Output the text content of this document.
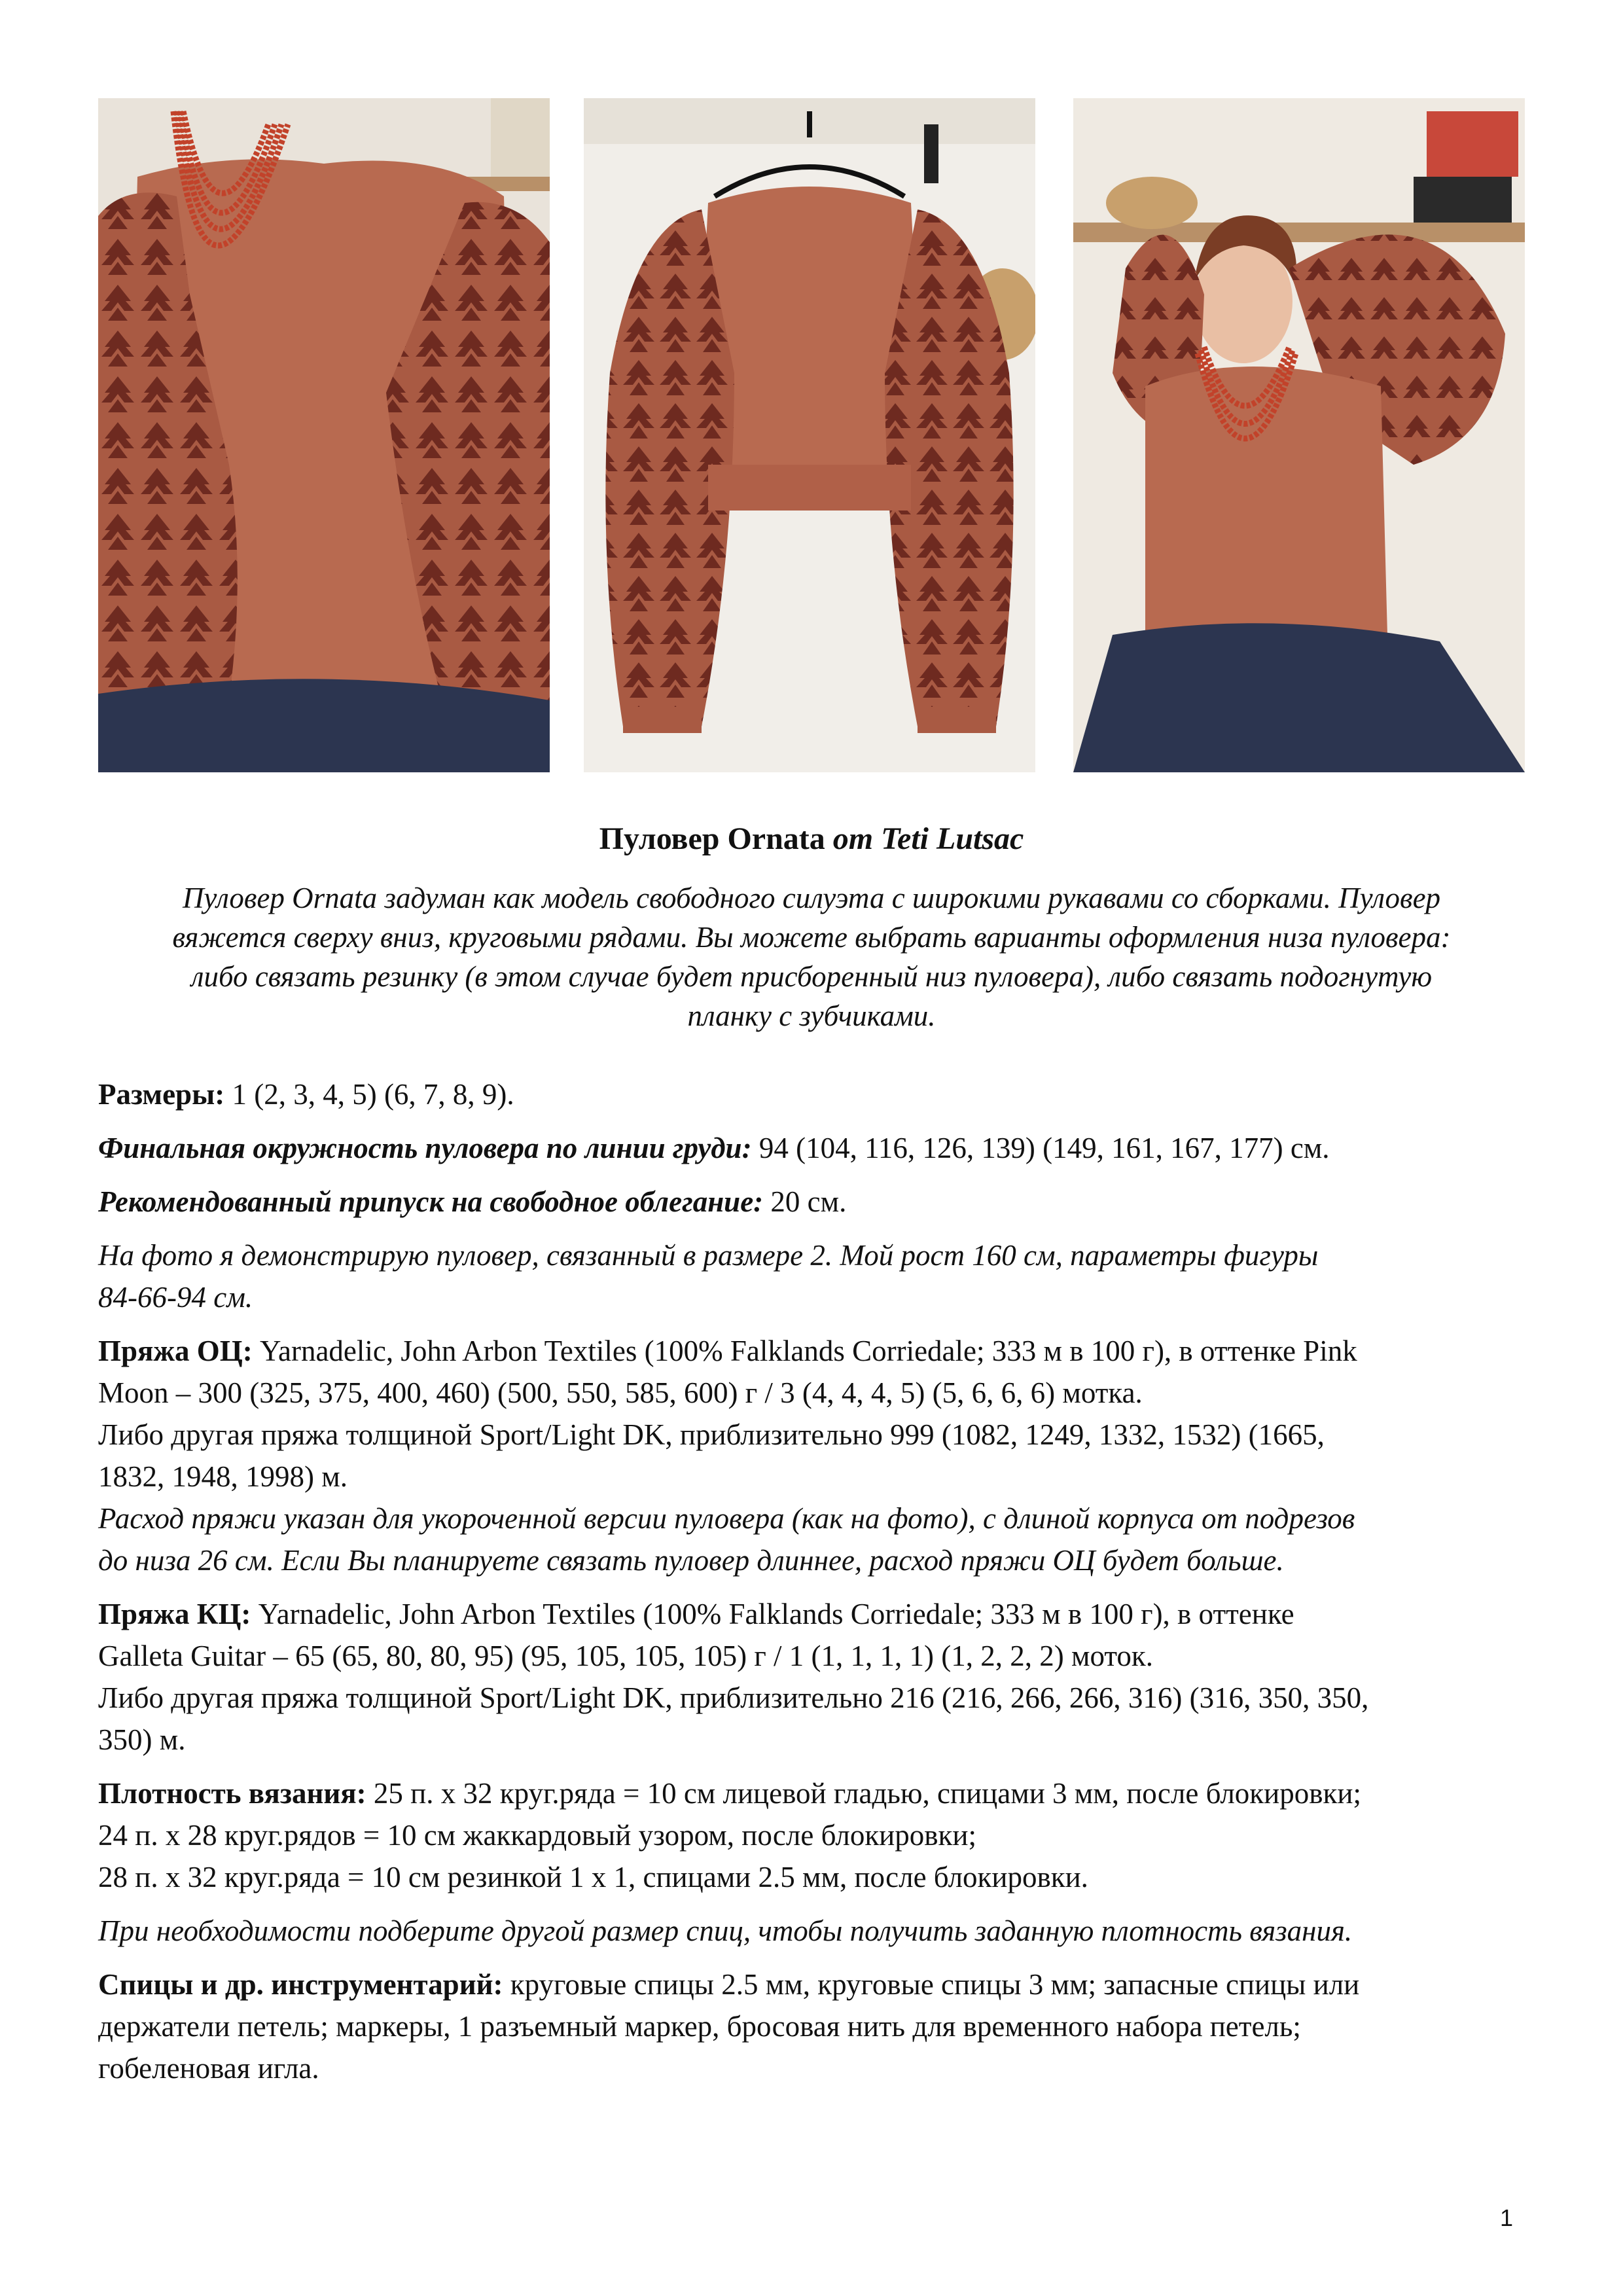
Пуловер Ornata от Teti Lutsac
Пуловер Ornata задуман как модель свободного силуэта с широкими рукавами со сборками. Пуловер
вяжется сверху вниз, круговыми рядами. Вы можете выбрать варианты оформления низа пуловера:
либо связать резинку (в этом случае будет присборенный низ пуловера), либо связать подогнутую
планку с зубчиками.

Размеры: 1 (2, 3, 4, 5) (6, 7, 8, 9).

Финальная окружность пуловера по линии груди: 94 (104, 116, 126, 139) (149, 161, 167, 177) см.

Рекомендованный припуск на свободное облегание: 20 см.

На фото я демонстрирую пуловер, связанный в размере 2. Мой рост 160 см, параметры фигуры
84-66-94 см.

Пряжа ОЦ: Yarnadelic, John Arbon Textiles (100% Falklands Corriedale; 333 м в 100 г), в оттенке Pink
Moon – 300 (325, 375, 400, 460) (500, 550, 585, 600) г / 3 (4, 4, 4, 5) (5, 6, 6, 6) мотка.
Либо другая пряжа толщиной Sport/Light DK, приблизительно 999 (1082, 1249, 1332, 1532) (1665,
1832, 1948, 1998) м.
Расход пряжи указан для укороченной версии пуловера (как на фото), с длиной корпуса от подрезов
до низа 26 см. Если Вы планируете связать пуловер длиннее, расход пряжи ОЦ будет больше.

Пряжа КЦ: Yarnadelic, John Arbon Textiles (100% Falklands Corriedale; 333 м в 100 г), в оттенке
Galleta Guitar – 65 (65, 80, 80, 95) (95, 105, 105, 105) г / 1 (1, 1, 1, 1) (1, 2, 2, 2) моток.
Либо другая пряжа толщиной Sport/Light DK, приблизительно 216 (216, 266, 266, 316) (316, 350, 350,
350) м.

Плотность вязания: 25 п. х 32 круг.ряда = 10 см лицевой гладью, спицами 3 мм, после блокировки;
24 п. х 28 круг.рядов = 10 см жаккардовый узором, после блокировки;
28 п. х 32 круг.ряда = 10 см резинкой 1 х 1, спицами 2.5 мм, после блокировки.

При необходимости подберите другой размер спиц, чтобы получить заданную плотность вязания.

Спицы и др. инструментарий: круговые спицы 2.5 мм, круговые спицы 3 мм; запасные спицы или
держатели петель; маркеры, 1 разъемный маркер, бросовая нить для временного набора петель;
гобеленовая игла.

1
